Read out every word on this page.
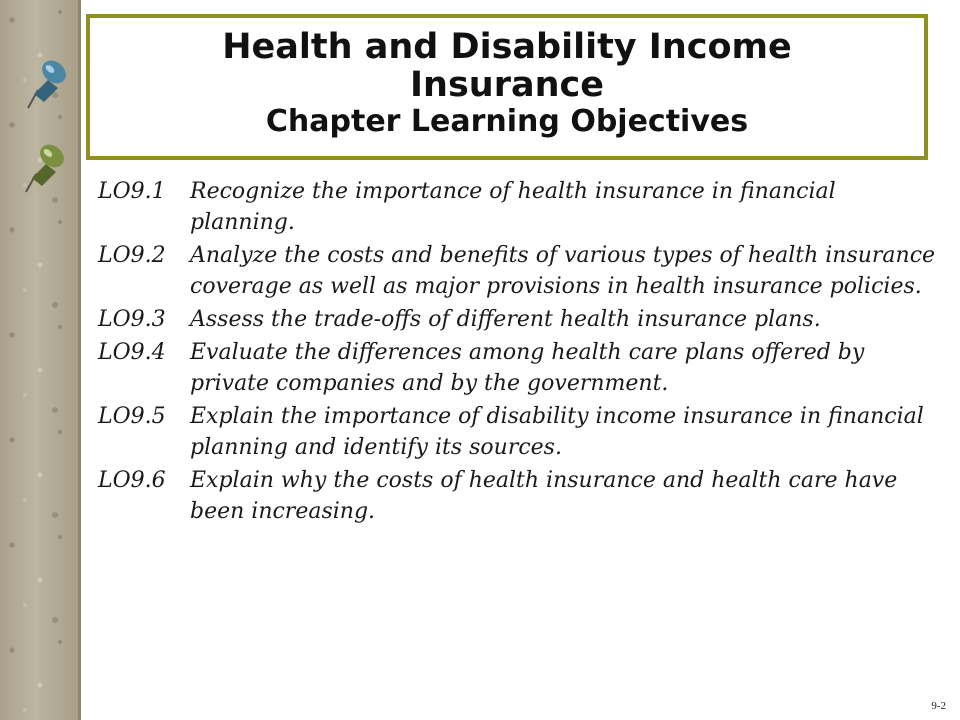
Health and Disability Income
Insurance
Chapter Learning Objectives
LO9.1	Recognize the importance of health insurance in financial planning.
LO9.2	Analyze the costs and benefits of various types of health insurance coverage as well as major provisions in health insurance policies.
LO9.3	Assess the trade-offs of different health insurance plans.
LO9.4	Evaluate the differences among health care plans offered by private companies and by the government.
LO9.5	Explain the importance of disability income insurance in financial planning and identify its sources.
LO9.6	Explain why the costs of health insurance and health care have been increasing.
9-2
